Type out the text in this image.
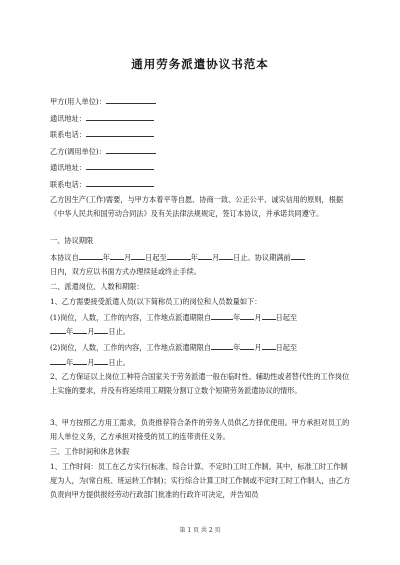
通用劳务派遣协议书范本
甲方(用人单位)：
通讯地址：
联系电话：
乙方(调用单位)：
通讯地址：
联系电话：
乙方因生产(工作)需要，与甲方本着平等自愿、协商一致、公正公平、诚实信用的原则，根据《中华人民共和国劳动合同法》及有关法律法规规定，签订本协议，并承诺共同遵守。
一、协议期限
本协议自	年 月 日起至	年 月 日止。协议期满前
日内，双方应以书面方式办理续延或终止手续。
二、派遣岗位、人数和期限：
1、乙方需要接受派遣人员(以下简称员工)的岗位和人员数量如下：
(1)岗位，人数，工作的内容，工作地点派遣期限自	年 月 日起至
年 月 日止。
(2)岗位，人数，工作的内容，工作地点派遣期限自	年 月 日起至
年 月 日止。
2、乙方保证以上岗位工种符合国家关于劳务派遣一般在临时性、辅助性或者替代性的工作岗位上实施的要求，并没有将延续用工期限分割订立数个短期劳务派遣协议的情形。
3、甲方按照乙方用工需求，负责推荐符合条件的劳务人员供乙方择优使用。甲方承担对员工的用人单位义务，乙方承担对接受的员工的连带责任义务。
三、工作时间和休息休假
1、工作时间：员工在乙方实行(标准、综合计算、不定时)工时工作制。其中，标准工时工作制度为人，为(常白班、班运转工作制)；实行综合计算工时工作制或不定时工时工作制人，由乙方负责向甲方提供报经劳动行政部门批准的行政许可决定，并告知员
第 1 页 共 2 页
